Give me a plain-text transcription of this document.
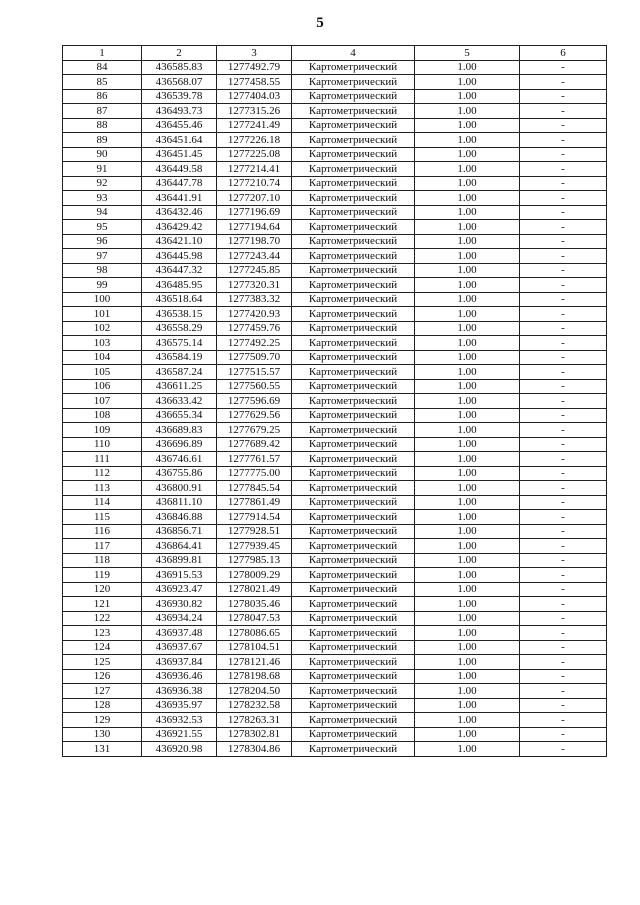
5
1	2	3	4	5	6
84	436585.83	1277492.79	Картометрический	1.00	-
85	436568.07	1277458.55	Картометрический	1.00	-
86	436539.78	1277404.03	Картометрический	1.00	-
87	436493.73	1277315.26	Картометрический	1.00	-
88	436455.46	1277241.49	Картометрический	1.00	-
89	436451.64	1277226.18	Картометрический	1.00	-
90	436451.45	1277225.08	Картометрический	1.00	-
91	436449.58	1277214.41	Картометрический	1.00	-
92	436447.78	1277210.74	Картометрический	1.00	-
93	436441.91	1277207.10	Картометрический	1.00	-
94	436432.46	1277196.69	Картометрический	1.00	-
95	436429.42	1277194.64	Картометрический	1.00	-
96	436421.10	1277198.70	Картометрический	1.00	-
97	436445.98	1277243.44	Картометрический	1.00	-
98	436447.32	1277245.85	Картометрический	1.00	-
99	436485.95	1277320.31	Картометрический	1.00	-
100	436518.64	1277383.32	Картометрический	1.00	-
101	436538.15	1277420.93	Картометрический	1.00	-
102	436558.29	1277459.76	Картометрический	1.00	-
103	436575.14	1277492.25	Картометрический	1.00	-
104	436584.19	1277509.70	Картометрический	1.00	-
105	436587.24	1277515.57	Картометрический	1.00	-
106	436611.25	1277560.55	Картометрический	1.00	-
107	436633.42	1277596.69	Картометрический	1.00	-
108	436655.34	1277629.56	Картометрический	1.00	-
109	436689.83	1277679.25	Картометрический	1.00	-
110	436696.89	1277689.42	Картометрический	1.00	-
111	436746.61	1277761.57	Картометрический	1.00	-
112	436755.86	1277775.00	Картометрический	1.00	-
113	436800.91	1277845.54	Картометрический	1.00	-
114	436811.10	1277861.49	Картометрический	1.00	-
115	436846.88	1277914.54	Картометрический	1.00	-
116	436856.71	1277928.51	Картометрический	1.00	-
117	436864.41	1277939.45	Картометрический	1.00	-
118	436899.81	1277985.13	Картометрический	1.00	-
119	436915.53	1278009.29	Картометрический	1.00	-
120	436923.47	1278021.49	Картометрический	1.00	-
121	436930.82	1278035.46	Картометрический	1.00	-
122	436934.24	1278047.53	Картометрический	1.00	-
123	436937.48	1278086.65	Картометрический	1.00	-
124	436937.67	1278104.51	Картометрический	1.00	-
125	436937.84	1278121.46	Картометрический	1.00	-
126	436936.46	1278198.68	Картометрический	1.00	-
127	436936.38	1278204.50	Картометрический	1.00	-
128	436935.97	1278232.58	Картометрический	1.00	-
129	436932.53	1278263.31	Картометрический	1.00	-
130	436921.55	1278302.81	Картометрический	1.00	-
131	436920.98	1278304.86	Картометрический	1.00	-
